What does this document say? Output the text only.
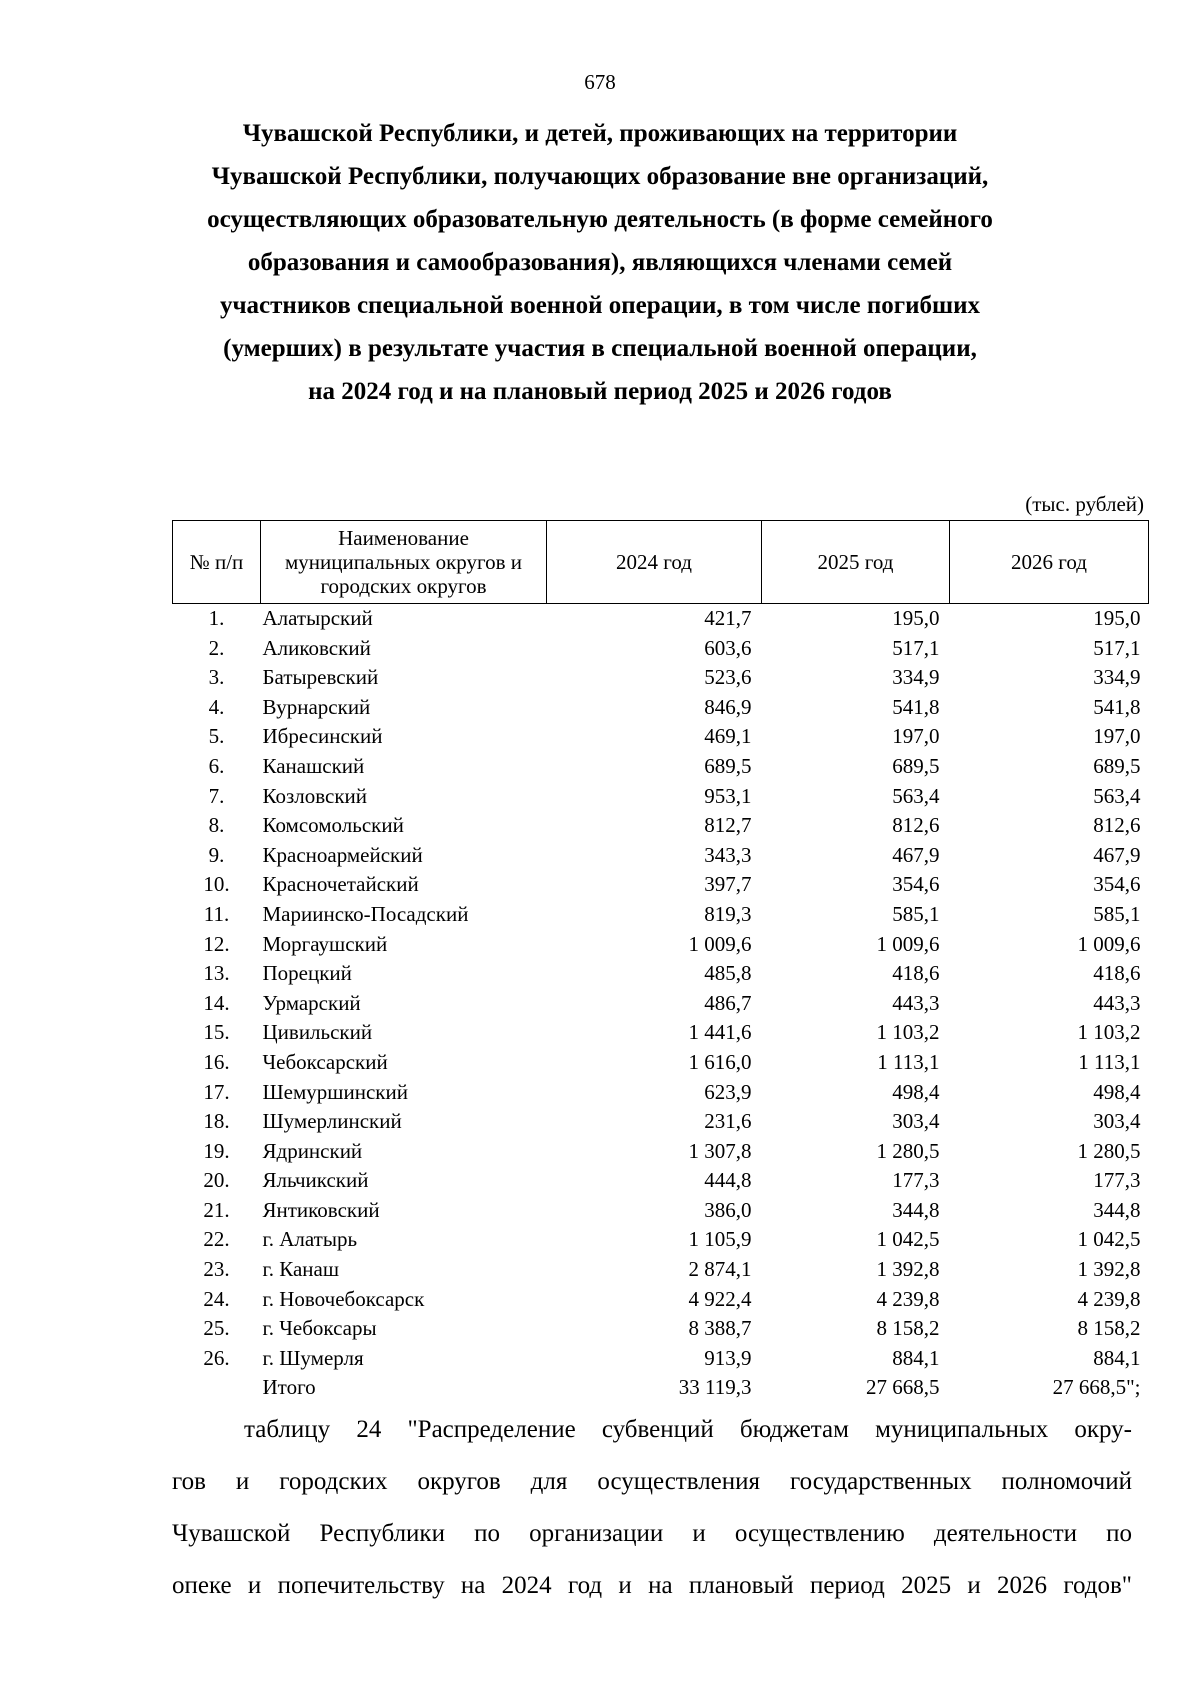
678
Чувашской Республики, и детей, проживающих на территории
Чувашской Республики, получающих образование вне организаций,
осуществляющих образовательную деятельность (в форме семейного
образования и самообразования), являющихся членами семей
участников специальной военной операции, в том числе погибших
(умерших) в результате участия в специальной военной операции,
на 2024 год и на плановый период 2025 и 2026 годов
(тыс. рублей)
№ п/п	Наименование муниципальных округов и городских округов	2024 год	2025 год	2026 год
1.	Алатырский	421,7	195,0	195,0
2.	Аликовский	603,6	517,1	517,1
3.	Батыревский	523,6	334,9	334,9
4.	Вурнарский	846,9	541,8	541,8
5.	Ибресинский	469,1	197,0	197,0
6.	Канашский	689,5	689,5	689,5
7.	Козловский	953,1	563,4	563,4
8.	Комсомольский	812,7	812,6	812,6
9.	Красноармейский	343,3	467,9	467,9
10.	Красночетайский	397,7	354,6	354,6
11.	Мариинско-Посадский	819,3	585,1	585,1
12.	Моргаушский	1 009,6	1 009,6	1 009,6
13.	Порецкий	485,8	418,6	418,6
14.	Урмарский	486,7	443,3	443,3
15.	Цивильский	1 441,6	1 103,2	1 103,2
16.	Чебоксарский	1 616,0	1 113,1	1 113,1
17.	Шемуршинский	623,9	498,4	498,4
18.	Шумерлинский	231,6	303,4	303,4
19.	Ядринский	1 307,8	1 280,5	1 280,5
20.	Яльчикский	444,8	177,3	177,3
21.	Янтиковский	386,0	344,8	344,8
22.	г. Алатырь	1 105,9	1 042,5	1 042,5
23.	г. Канаш	2 874,1	1 392,8	1 392,8
24.	г. Новочебоксарск	4 922,4	4 239,8	4 239,8
25.	г. Чебоксары	8 388,7	8 158,2	8 158,2
26.	г. Шумерля	913,9	884,1	884,1
	Итого	33 119,3	27 668,5	27 668,5";
таблицу 24 "Распределение субвенций бюджетам муниципальных окру-
гов и городских округов для осуществления государственных полномочий
Чувашской Республики по организации и осуществлению деятельности по
опеке и попечительству на 2024 год и на плановый период 2025 и 2026 годов"
